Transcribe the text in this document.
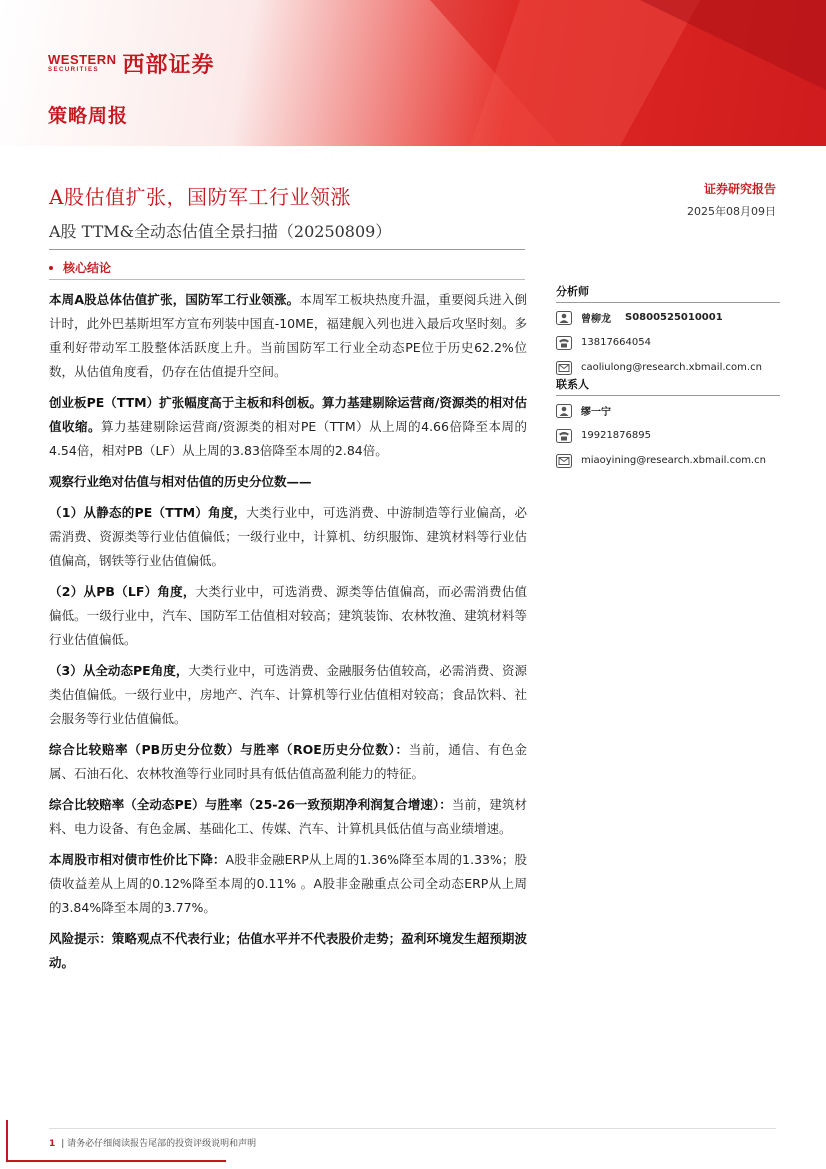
WESTERN
SECURITIES	西部证券
策略周报
A股估值扩张，国防军工行业领涨
A股 TTM&全动态估值全景扫描（20250809）
证券研究报告
2025年08月09日
核心结论

本周A股总体估值扩张，国防军工行业领涨。本周军工板块热度升温，重要阅兵进入倒计时，此外巴基斯坦军方宣布列装中国直-10ME，福建舰入列也进入最后攻坚时刻。多重利好带动军工股整体活跃度上升。当前国防军工行业全动态PE位于历史62.2%位数，从估值角度看，仍存在估值提升空间。

创业板PE（TTM）扩张幅度高于主板和科创板。算力基建剔除运营商/资源类的相对估值收缩。算力基建剔除运营商/资源类的相对PE（TTM）从上周的4.66倍降至本周的4.54倍，相对PB（LF）从上周的3.83倍降至本周的2.84倍。

观察行业绝对估值与相对估值的历史分位数——

（1）从静态的PE（TTM）角度，大类行业中，可选消费、中游制造等行业偏高，必需消费、资源类等行业估值偏低；一级行业中，计算机、纺织服饰、建筑材料等行业估值偏高，钢铁等行业估值偏低。

（2）从PB（LF）角度，大类行业中，可选消费、源类等估值偏高，而必需消费估值偏低。一级行业中，汽车、国防军工估值相对较高；建筑装饰、农林牧渔、建筑材料等行业估值偏低。

（3）从全动态PE角度，大类行业中，可选消费、金融服务估值较高，必需消费、资源类估值偏低。一级行业中，房地产、汽车、计算机等行业估值相对较高；食品饮料、社会服务等行业估值偏低。

综合比较赔率（PB历史分位数）与胜率（ROE历史分位数）：当前，通信、有色金属、石油石化、农林牧渔等行业同时具有低估值高盈利能力的特征。

综合比较赔率（全动态PE）与胜率（25-26一致预期净利润复合增速）：当前，建筑材料、电力设备、有色金属、基础化工、传媒、汽车、计算机具低估值与高业绩增速。

本周股市相对债市性价比下降：A股非金融ERP从上周的1.36%降至本周的1.33%；股债收益差从上周的0.12%降至本周的0.11% 。A股非金融重点公司全动态ERP从上周的3.84%降至本周的3.77%。

风险提示：策略观点不代表行业；估值水平并不代表股价走势；盈利环境发生超预期波动。

分析师
曾柳龙 S0800525010001
13817664054
caoliulong@research.xbmail.com.cn
联系人
缪一宁
19921876895
miaoyining@research.xbmail.com.cn
1 | 请务必仔细阅读报告尾部的投资评级说明和声明
